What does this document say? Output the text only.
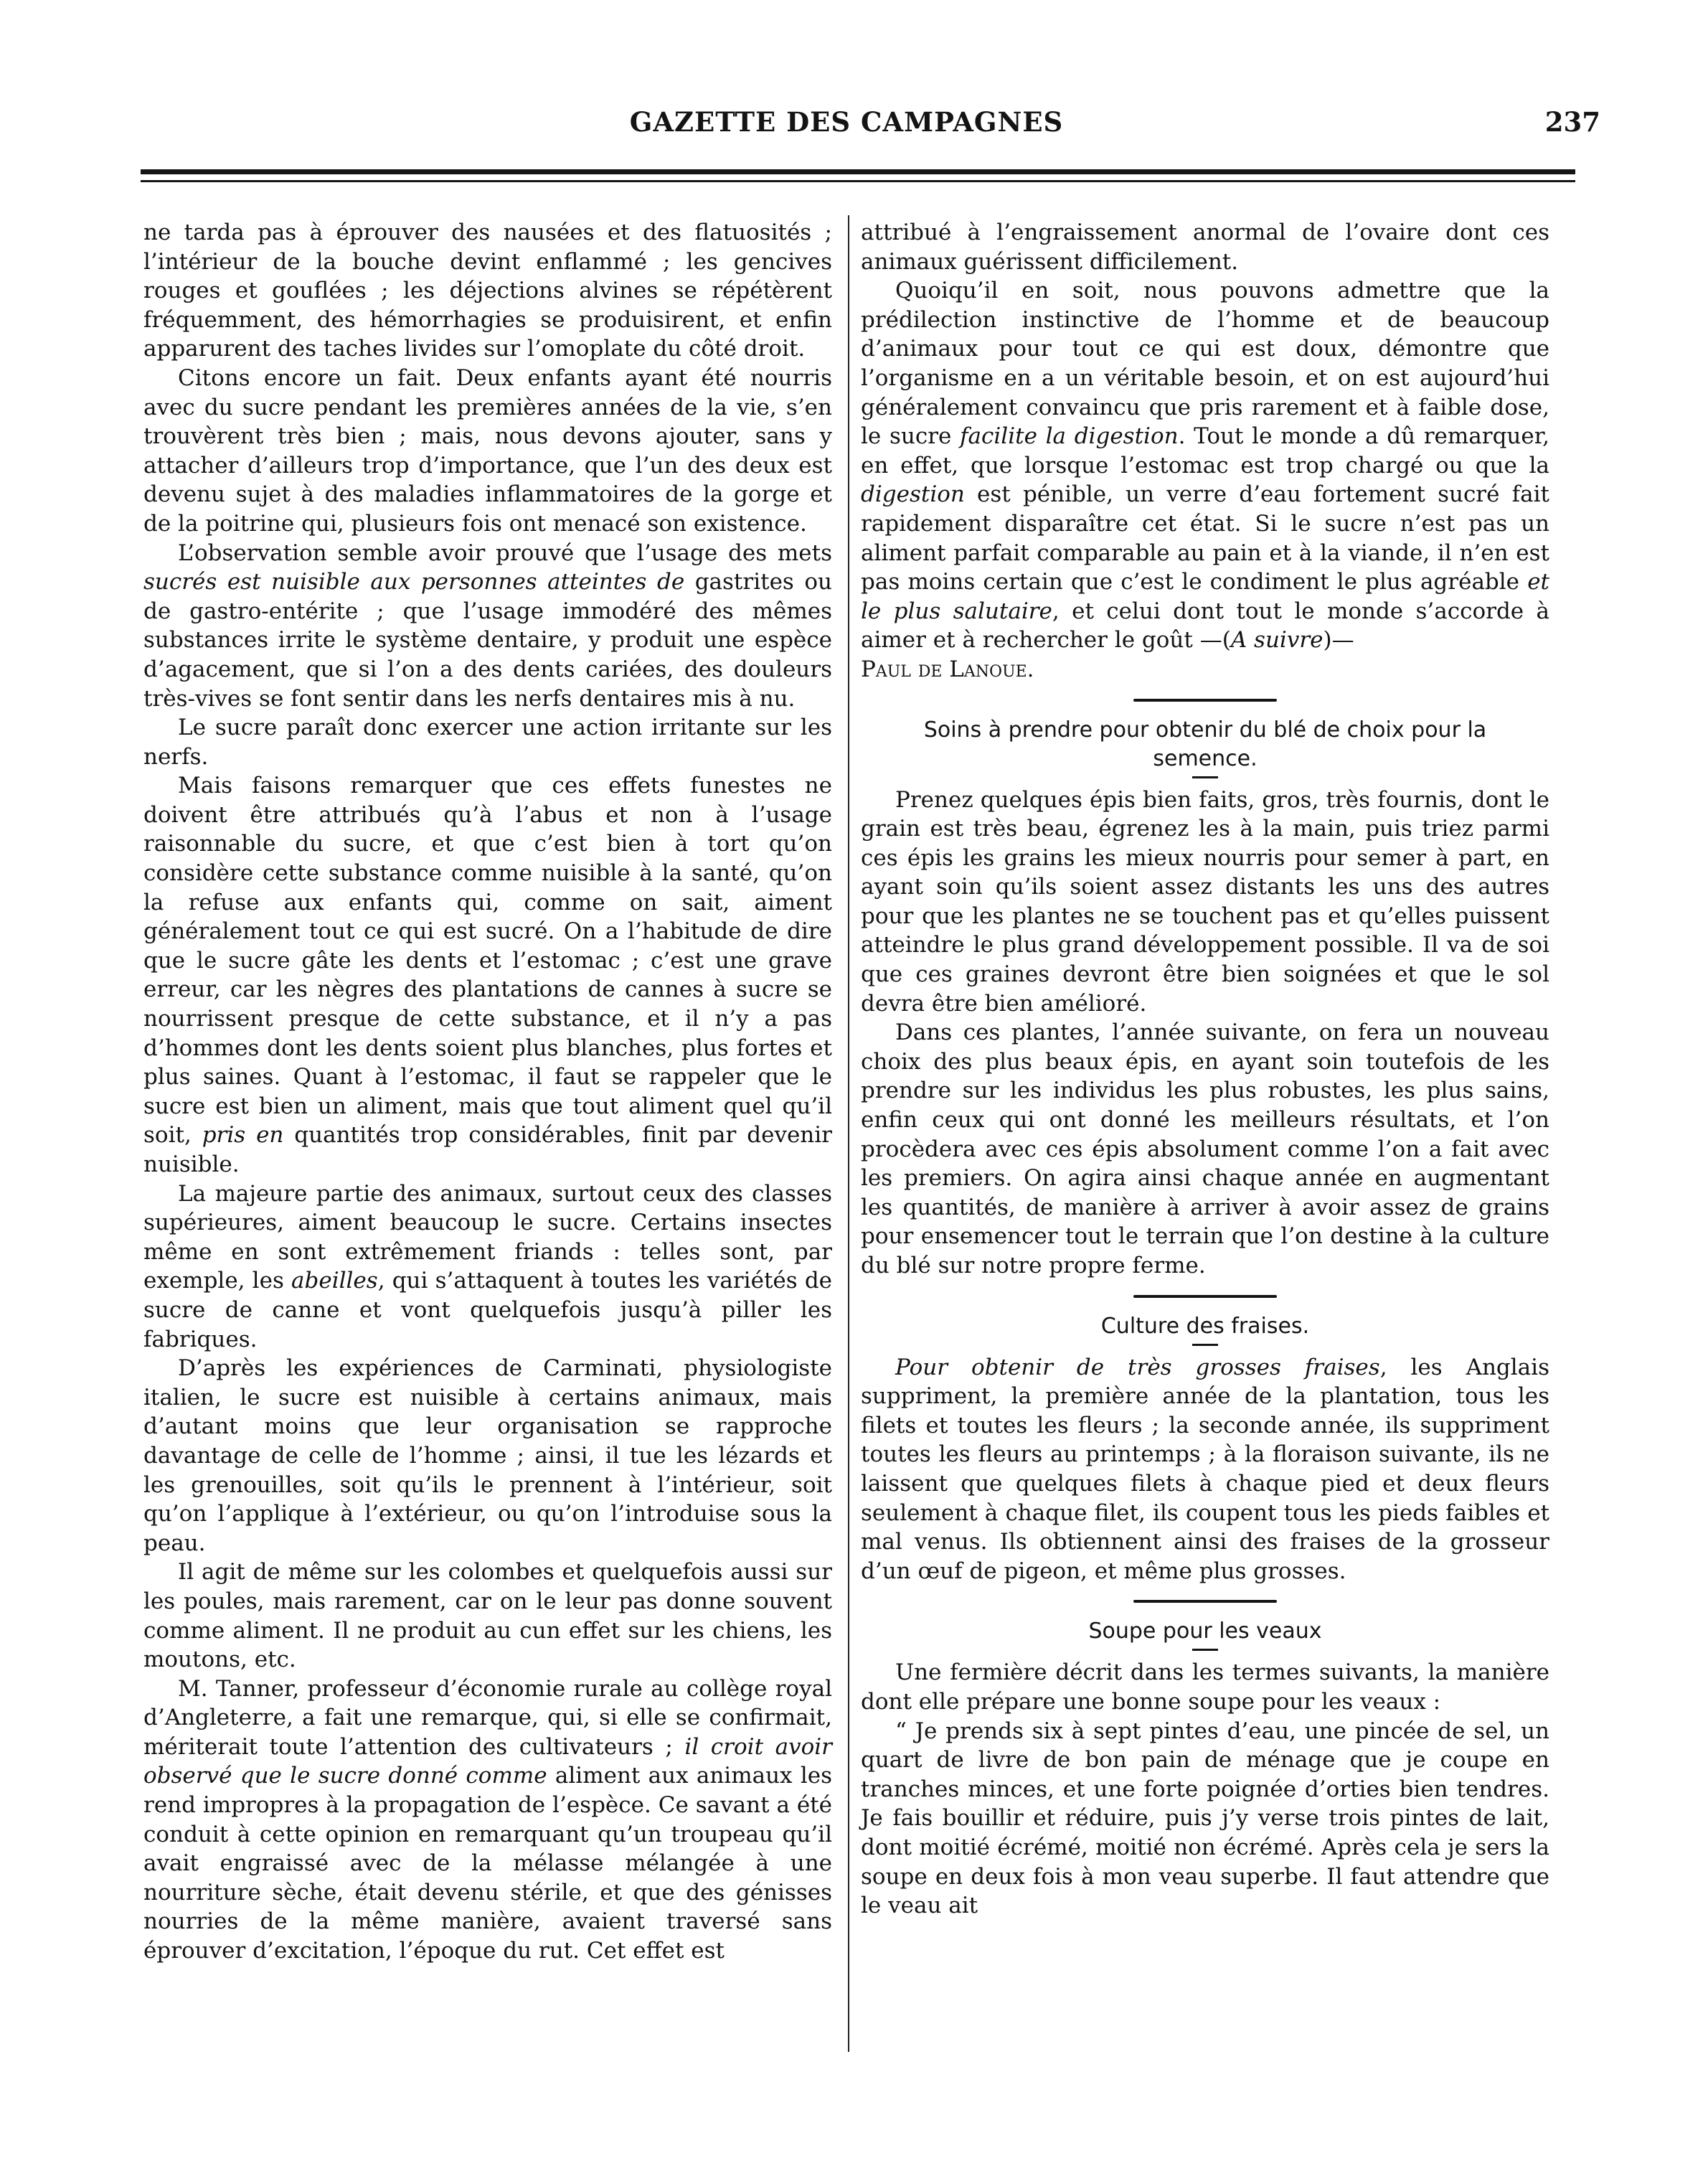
GAZETTE DES CAMPAGNES	237

ne tarda pas à éprouver des nausées et des flatuosités ; l’intérieur de la bouche devint enflammé ; les gencives rouges et gouflées ; les déjections alvines se répétèrent fréquemment, des hémorrhagies se produisirent, et enfin apparurent des taches livides sur l’omoplate du côté droit.

Citons encore un fait. Deux enfants ayant été nourris avec du sucre pendant les premières années de la vie, s’en trouvèrent très bien ; mais, nous devons ajouter, sans y attacher d’ailleurs trop d’importance, que l’un des deux est devenu sujet à des maladies inflammatoires de la gorge et de la poitrine qui, plusieurs fois ont menacé son existence.

L’observation semble avoir prouvé que l’usage des mets sucrés est nuisible aux personnes atteintes de gastrites ou de gastro-entérite ; que l’usage immodéré des mêmes substances irrite le système dentaire, y produit une espèce d’agacement, que si l’on a des dents cariées, des douleurs très-vives se font sentir dans les nerfs dentaires mis à nu.

Le sucre paraît donc exercer une action irritante sur les nerfs.

Mais faisons remarquer que ces effets funestes ne doivent être attribués qu’à l’abus et non à l’usage raisonnable du sucre, et que c’est bien à tort qu’on considère cette substance comme nuisible à la santé, qu’on la refuse aux enfants qui, comme on sait, aiment généralement tout ce qui est sucré. On a l’habitude de dire que le sucre gâte les dents et l’estomac ; c’est une grave erreur, car les nègres des plantations de cannes à sucre se nourrissent presque de cette substance, et il n’y a pas d’hommes dont les dents soient plus blanches, plus fortes et plus saines. Quant à l’estomac, il faut se rappeler que le sucre est bien un aliment, mais que tout aliment quel qu’il soit, pris en quantités trop considérables, finit par devenir nuisible.

La majeure partie des animaux, surtout ceux des classes supérieures, aiment beaucoup le sucre. Certains insectes même en sont extrêmement friands : telles sont, par exemple, les abeilles, qui s’attaquent à toutes les variétés de sucre de canne et vont quelquefois jusqu’à piller les fabriques.

D’après les expériences de Carminati, physiologiste italien, le sucre est nuisible à certains animaux, mais d’autant moins que leur organisation se rapproche davantage de celle de l’homme ; ainsi, il tue les lézards et les grenouilles, soit qu’ils le prennent à l’intérieur, soit qu’on l’applique à l’extérieur, ou qu’on l’introduise sous la peau.

Il agit de même sur les colombes et quelquefois aussi sur les poules, mais rarement, car on le leur pas donne souvent comme aliment. Il ne produit au cun effet sur les chiens, les moutons, etc.

M. Tanner, professeur d’économie rurale au collège royal d’Angleterre, a fait une remarque, qui, si elle se confirmait, mériterait toute l’attention des cultivateurs ; il croit avoir observé que le sucre donné comme aliment aux animaux les rend impropres à la propagation de l’espèce. Ce savant a été conduit à cette opinion en remarquant qu’un troupeau qu’il avait engraissé avec de la mélasse mélangée à une nourriture sèche, était devenu stérile, et que des génisses nourries de la même manière, avaient traversé sans éprouver d’excitation, l’époque du rut. Cet effet est

attribué à l’engraissement anormal de l’ovaire dont ces animaux guérissent difficilement.

Quoiqu’il en soit, nous pouvons admettre que la prédilection instinctive de l’homme et de beaucoup d’animaux pour tout ce qui est doux, démontre que l’organisme en a un véritable besoin, et on est aujourd’hui généralement convaincu que pris rarement et à faible dose, le sucre facilite la digestion. Tout le monde a dû remarquer, en effet, que lorsque l’estomac est trop chargé ou que la digestion est pénible, un verre d’eau fortement sucré fait rapidement disparaître cet état. Si le sucre n’est pas un aliment parfait comparable au pain et à la viande, il n’en est pas moins certain que c’est le condiment le plus agréable et le plus salutaire, et celui dont tout le monde s’accorde à aimer et à rechercher le goût —(A suivre)—

Paul de Lanoue.

Soins à prendre pour obtenir du blé de choix pour la semence.

Prenez quelques épis bien faits, gros, très fournis, dont le grain est très beau, égrenez les à la main, puis triez parmi ces épis les grains les mieux nourris pour semer à part, en ayant soin qu’ils soient assez distants les uns des autres pour que les plantes ne se touchent pas et qu’elles puissent atteindre le plus grand développement possible. Il va de soi que ces graines devront être bien soignées et que le sol devra être bien amélioré.

Dans ces plantes, l’année suivante, on fera un nouveau choix des plus beaux épis, en ayant soin toutefois de les prendre sur les individus les plus robustes, les plus sains, enfin ceux qui ont donné les meilleurs résultats, et l’on procèdera avec ces épis absolument comme l’on a fait avec les premiers. On agira ainsi chaque année en augmentant les quantités, de manière à arriver à avoir assez de grains pour ensemencer tout le terrain que l’on destine à la culture du blé sur notre propre ferme.

Culture des fraises.

Pour obtenir de très grosses fraises, les Anglais suppriment, la première année de la plantation, tous les filets et toutes les fleurs ; la seconde année, ils suppriment toutes les fleurs au printemps ; à la floraison suivante, ils ne laissent que quelques filets à chaque pied et deux fleurs seulement à chaque filet, ils coupent tous les pieds faibles et mal venus. Ils obtiennent ainsi des fraises de la grosseur d’un œuf de pigeon, et même plus grosses.

Soupe pour les veaux

Une fermière décrit dans les termes suivants, la manière dont elle prépare une bonne soupe pour les veaux :

“ Je prends six à sept pintes d’eau, une pincée de sel, un quart de livre de bon pain de ménage que je coupe en tranches minces, et une forte poignée d’orties bien tendres. Je fais bouillir et réduire, puis j’y verse trois pintes de lait, dont moitié écrémé, moitié non écrémé. Après cela je sers la soupe en deux fois à mon veau superbe. Il faut attendre que le veau ait
